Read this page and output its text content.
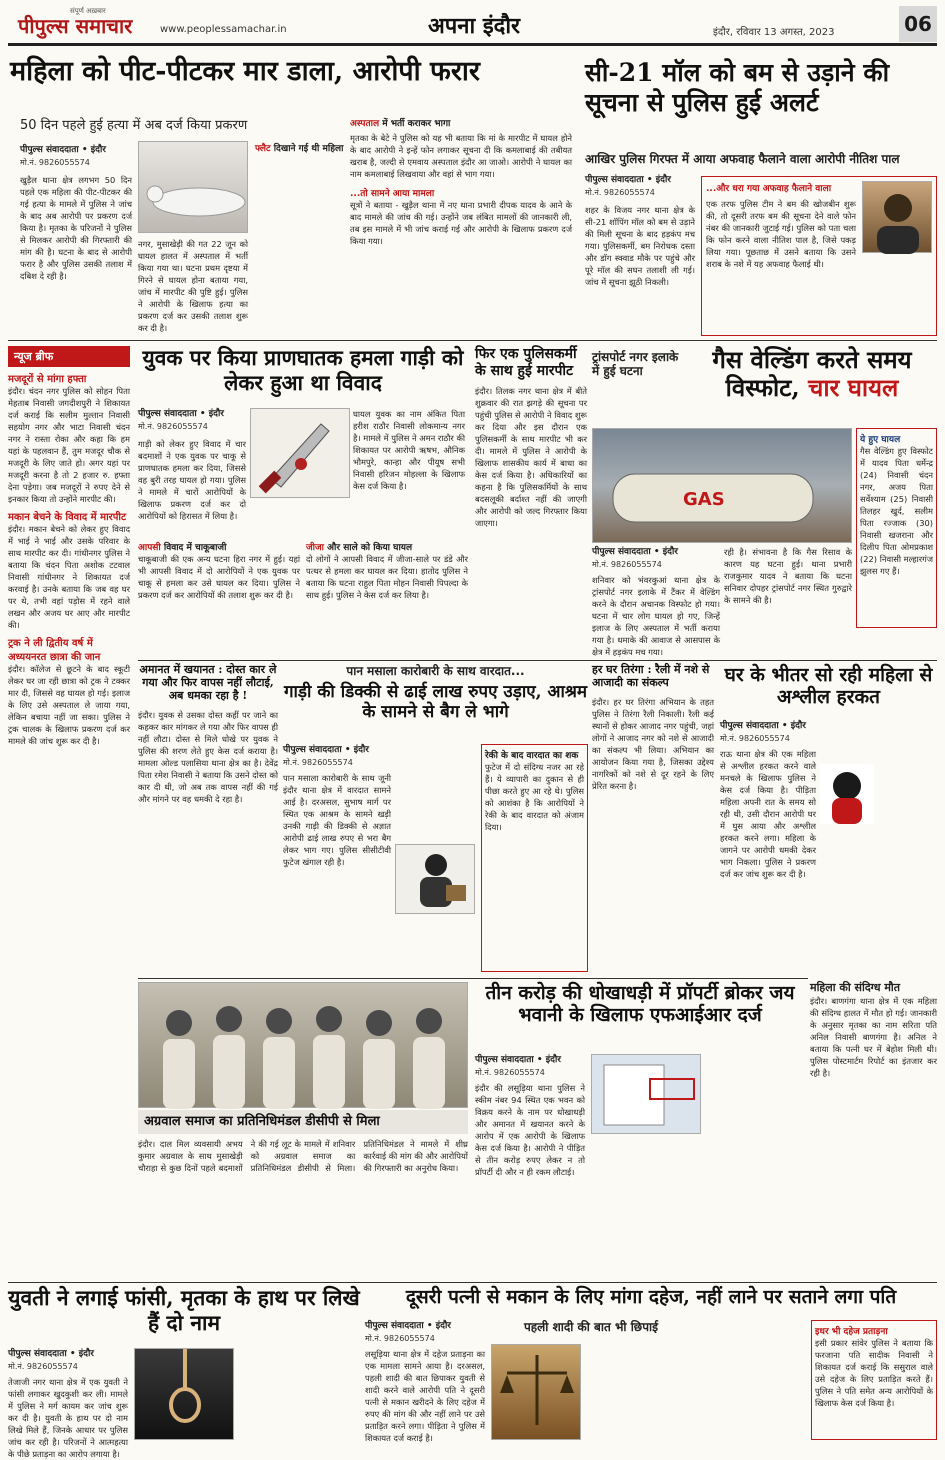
पीपुल्स समाचार
संपूर्ण अख़बार
www.peoplessamachar.in	अपना इंदौर	इंदौर, रविवार 13 अगस्त, 2023	06
महिला को पीट-पीटकर मार डाला, आरोपी फरार
50 दिन पहले हुई हत्या में अब दर्ज किया प्रकरण
पीपुल्स संवाददाता • इंदौर
मो.नं. 9826055574
खुड़ैल थाना क्षेत्र लगभग 50 दिन पहले एक महिला की पीट-पीटकर की गई हत्या के मामले में पुलिस ने जांच के बाद अब आरोपी पर प्रकरण दर्ज किया है। मृतका के परिजनों ने पुलिस से मिलकर आरोपी की गिरफ्तारी की मांग की है। घटना के बाद से आरोपी फरार है और पुलिस उसकी तलाश में दबिश दे रही है।
नगर, मुसाखेड़ी की गत 22 जून को घायल हालत में अस्पताल में भर्ती किया गया था। घटना प्रथम दृष्टया में गिरने से घायल होना बताया गया, जांच में मारपीट की पुष्टि हुई। पुलिस ने आरोपी के खिलाफ हत्या का प्रकरण दर्ज कर उसकी तलाश शुरू कर दी है।
फ्लैट दिखाने गई थी महिला
अस्पताल में भर्ती कराकर भागा
मृतका के बेटे ने पुलिस को यह भी बताया कि मां के मारपीट में घायल होने के बाद आरोपी ने इन्हें फोन लगाकर सूचना दी कि कमलाबाई की तबीयत खराब है, जल्दी से एमवाय अस्पताल इंदौर आ जाओ। आरोपी ने घायल का नाम कमलाबाई लिखवाया और वहां से भाग गया।
...तो सामने आया मामला
सूत्रों ने बताया - खुड़ैल थाना में नए थाना प्रभारी दीपक यादव के आने के बाद मामले की जांच की गई। उन्होंने जब लंबित मामलों की जानकारी ली, तब इस मामले में भी जांच कराई गई और आरोपी के खिलाफ प्रकरण दर्ज किया गया।
सी-21 मॉल को बम से उड़ाने की सूचना से पुलिस हुई अलर्ट
आखिर पुलिस गिरफ्त में आया अफवाह फैलाने वाला आरोपी नीतिश पाल
पीपुल्स संवाददाता • इंदौर
मो.नं. 9826055574
शहर के विजय नगर थाना क्षेत्र के सी-21 शॉपिंग मॉल को बम से उड़ाने की मिली सूचना के बाद हड़कंप मच गया। पुलिसकर्मी, बम निरोधक दस्ता और डॉग स्क्वाड मौके पर पहुंचे और पूरे मॉल की सघन तलाशी ली गई। जांच में सूचना झूठी निकली।
...और धरा गया अफवाह फैलाने वाला
एक तरफ पुलिस टीम ने बम की खोजबीन शुरू की, तो दूसरी तरफ बम की सूचना देने वाले फोन नंबर की जानकारी जुटाई गई। पुलिस को पता चला कि फोन करने वाला नीतिश पाल है, जिसे पकड़ लिया गया। पूछताछ में उसने बताया कि उसने शराब के नशे में यह अफवाह फैलाई थी।
न्यूज ब्रीफ
मजदूरों से मांगा हफ्ता
इंदौर। चंदन नगर पुलिस को सोहन पिता मेहताब निवासी जगदीशपुरी ने शिकायत दर्ज कराई कि सलीम मुल्तान निवासी सहयोग नगर और भाटा निवासी चंदन नगर ने रास्ता रोका और कहा कि हम यहां के पहलवान हैं, तुम मजदूर चौक से मजदूरी के लिए जाते हो। अगर यहां पर मजदूरी करना है तो 2 हजार रु. हफ्ता देना पड़ेगा। जब मजदूरों ने रुपए देने से इनकार किया तो उन्होंने मारपीट की।
मकान बेचने के विवाद में मारपीट
इंदौर। मकान बेचने को लेकर हुए विवाद में भाई ने भाई और उसके परिवार के साथ मारपीट कर दी। गांधीनगर पुलिस ने बताया कि चंदन पिता अशोक टटवाल निवासी गांधीनगर ने शिकायत दर्ज करवाई है। उनके बताया कि जब वह घर पर थे, तभी वहां पड़ोस में रहने वाले लखन और अजय घर आए और मारपीट की।
ट्रक ने ली द्वितीय वर्ष में अध्ययनरत छात्रा की जान
इंदौर। कॉलेज से छूटने के बाद स्कूटी लेकर घर जा रही छात्रा को ट्रक ने टक्कर मार दी, जिससे वह घायल हो गई। इलाज के लिए उसे अस्पताल ले जाया गया, लेकिन बचाया नहीं जा सका। पुलिस ने ट्रक चालक के खिलाफ प्रकरण दर्ज कर मामले की जांच शुरू कर दी है।
युवक पर किया प्राणघातक हमला गाड़ी को लेकर हुआ था विवाद
पीपुल्स संवाददाता • इंदौर
मो.नं. 9826055574
गाड़ी को लेकर हुए विवाद में चार बदमाशों ने एक युवक पर चाकू से प्राणघातक हमला कर दिया, जिससे वह बुरी तरह घायल हो गया। पुलिस ने मामले में चारों आरोपियों के खिलाफ प्रकरण दर्ज कर दो आरोपियों को हिरासत में लिया है।
घायल युवक का नाम अंकित पिता हरीश राठौर निवासी लोकमान्य नगर है। मामले में पुलिस ने अमन राठौर की शिकायत पर आरोपी ऋषभ, औनिक भौमपुरे, कान्हा और पीयूष सभी निवासी हरिजन मोहल्ला के खिलाफ केस दर्ज किया है।
आपसी विवाद में चाकूबाजी
चाकूबाजी की एक अन्य घटना हिरा नगर में हुई। यहां भी आपसी विवाद में दो आरोपियों ने एक युवक पर चाकू से हमला कर उसे घायल कर दिया। पुलिस ने प्रकरण दर्ज कर आरोपियों की तलाश शुरू कर दी है।
जीजा और साले को किया घायल
दो लोगों ने आपसी विवाद में जीजा-साले पर डंडे और पत्थर से हमला कर घायल कर दिया। हातोद पुलिस ने बताया कि घटना राहुल पिता मोहन निवासी पिपल्दा के साथ हुई। पुलिस ने केस दर्ज कर लिया है।
फिर एक पुलिसकर्मी के साथ हुई मारपीट
इंदौर। तिलक नगर थाना क्षेत्र में बीते शुक्रवार की रात झगड़े की सूचना पर पहुंची पुलिस से आरोपी ने विवाद शुरू कर दिया और इस दौरान एक पुलिसकर्मी के साथ मारपीट भी कर दी। मामले में पुलिस ने आरोपी के खिलाफ शासकीय कार्य में बाधा का केस दर्ज किया है। अधिकारियों का कहना है कि पुलिसकर्मियों के साथ बदसलूकी बर्दाश्त नहीं की जाएगी और आरोपी को जल्द गिरफ्तार किया जाएगा।
ट्रांसपोर्ट नगर इलाके में हुई घटना	गैस वेल्डिंग करते समय विस्फोट, चार घायल
GAS
ये हुए घायल
गैस वेल्डिंग हुए विस्फोट में यादव पिता धर्मेन्द्र (24) निवासी चंदन नगर, अजय पिता सर्वेश्याम (25) निवासी तिलहर खुर्द, सलीम पिता रज्जाक (30) निवासी खजराना और दिलीप पिता ओमप्रकाश (22) निवासी मल्हारगंज झुलस गए हैं।
पीपुल्स संवाददाता • इंदौर
मो.नं. 9826055574
शनिवार को भंवरकुआं थाना क्षेत्र के ट्रांसपोर्ट नगर इलाके में टैंकर में वेल्डिंग करने के दौरान अचानक विस्फोट हो गया। घटना में चार लोग घायल हो गए, जिन्हें इलाज के लिए अस्पताल में भर्ती कराया गया है। धमाके की आवाज से आसपास के क्षेत्र में हड़कंप मच गया।
रही है। संभावना है कि गैस रिसाव के कारण यह घटना हुई। थाना प्रभारी राजकुमार यादव ने बताया कि घटना सनिवार दोपहर ट्रांसपोर्ट नगर स्थित गुरुद्वारे के सामने की है।
अमानत में खयानत : दोस्त कार ले गया और फिर वापस नहीं लौटाई, अब धमका रहा है !
इंदौर। युवक से उसका दोस्त कहीं पर जाने का कहकर कार मांगकर ले गया और फिर वापस ही नहीं लौटा। दोस्त से मिले धोखे पर युवक ने पुलिस की शरण लेते हुए केस दर्ज कराया है। मामला ओल्ड पलासिया थाना क्षेत्र का है। देवेंद्र पिता रमेश निवासी ने बताया कि उसने दोस्त को कार दी थी, जो अब तक वापस नहीं की गई और मांगने पर वह धमकी दे रहा है।
पान मसाला कारोबारी के साथ वारदात...
गाड़ी की डिक्की से ढाई लाख रुपए उड़ाए, आश्रम के सामने से बैग ले भागे
पीपुल्स संवाददाता • इंदौर
मो.नं. 9826055574
पान मसाला कारोबारी के साथ जूनी इंदौर थाना क्षेत्र में वारदात सामने आई है। दरअसल, सुभाष मार्ग पर स्थित एक आश्रम के सामने खड़ी उनकी गाड़ी की डिक्की से अज्ञात आरोपी ढाई लाख रुपए से भरा बैग लेकर भाग गए। पुलिस सीसीटीवी फुटेज खंगाल रही है।
रेकी के बाद वारदात का शक
फुटेज में दो संदिग्ध नजर आ रहे हैं। ये व्यापारी का दुकान से ही पीछा करते हुए आ रहे थे। पुलिस को आशंका है कि आरोपियों ने रेकी के बाद वारदात को अंजाम दिया।
हर घर तिरंगा : रैली में नशे से आजादी का संकल्प
इंदौर। हर घर तिरंगा अभियान के तहत पुलिस ने तिरंगा रैली निकाली। रैली कई स्थानों से होकर आजाद नगर पहुंची, जहां लोगों ने आजाद नगर को नशे से आजादी का संकल्प भी लिया। अभियान का आयोजन किया गया है, जिसका उद्देश्य नागरिकों को नशे से दूर रहने के लिए प्रेरित करना है।
घर के भीतर सो रही महिला से अश्लील हरकत
पीपुल्स संवाददाता • इंदौर
मो.नं. 9826055574
राऊ थाना क्षेत्र की एक महिला से अश्लील हरकत करने वाले मनचले के खिलाफ पुलिस ने केस दर्ज किया है। पीड़िता महिला अपनी रात के समय सो रही थी, उसी दौरान आरोपी घर में घुस आया और अश्लील हरकत करने लगा। महिला के जागने पर आरोपी धमकी देकर भाग निकला। पुलिस ने प्रकरण दर्ज कर जांच शुरू कर दी है।
महिला की संदिग्ध मौत
इंदौर। बाणगंगा थाना क्षेत्र में एक महिला की संदिग्ध हालत में मौत हो गई। जानकारी के अनुसार मृतका का नाम सरिता पति अनिल निवासी बाणगंगा है। अनिल ने बताया कि पत्नी घर में बेहोश मिली थी। पुलिस पोस्टमार्टम रिपोर्ट का इंतजार कर रही है।
अग्रवाल समाज का प्रतिनिधिमंडल डीसीपी से मिला
इंदौर। दाल मिल व्यवसायी अभय कुमार अग्रवाल के साथ मुसाखेड़ी चौराहा से कुछ दिनों पहले बदमाशों ने की गई लूट के मामले में शनिवार को अग्रवाल समाज का प्रतिनिधिमंडल डीसीपी से मिला। प्रतिनिधिमंडल ने मामले में शीघ्र कार्रवाई की मांग की और आरोपियों की गिरफ्तारी का अनुरोध किया।
तीन करोड़ की धोखाधड़ी में प्रॉपर्टी ब्रोकर जय भवानी के खिलाफ एफआईआर दर्ज
पीपुल्स संवाददाता • इंदौर
मो.नं. 9826055574
इंदौर की लसूड़िया थाना पुलिस ने स्कीम नंबर 94 स्थित एक भवन को विक्रय करने के नाम पर धोखाधड़ी और अमानत में खयानत करने के आरोप में एक आरोपी के खिलाफ केस दर्ज किया है। आरोपी ने पीड़ित से तीन करोड़ रुपए लेकर न तो प्रॉपर्टी दी और न ही रकम लौटाई।
युवती ने लगाई फांसी, मृतका के हाथ पर लिखे हैं दो नाम
पीपुल्स संवाददाता • इंदौर
मो.नं. 9826055574
तेजाजी नगर थाना क्षेत्र में एक युवती ने फांसी लगाकर खुदकुशी कर ली। मामले में पुलिस ने मर्ग कायम कर जांच शुरू कर दी है। युवती के हाथ पर दो नाम लिखे मिले हैं, जिनके आधार पर पुलिस जांच कर रही है। परिजनों ने आत्महत्या के पीछे प्रताड़ना का आरोप लगाया है।
दूसरी पत्नी से मकान के लिए मांगा दहेज, नहीं लाने पर सताने लगा पति
पीपुल्स संवाददाता • इंदौर
मो.नं. 9826055574
लसूड़िया थाना क्षेत्र में दहेज प्रताड़ना का एक मामला सामने आया है। दरअसल, पहली शादी की बात छिपाकर युवती से शादी करने वाले आरोपी पति ने दूसरी पत्नी से मकान खरीदने के लिए दहेज में रुपए की मांग की और नहीं लाने पर उसे प्रताड़ित करने लगा। पीड़िता ने पुलिस में शिकायत दर्ज कराई है।
पहली शादी की बात भी छिपाई	इधर भी दहेज प्रताड़ना
इसी प्रकार सांवेर पुलिस ने बताया कि फरजाना पति सादीक निवासी ने शिकायत दर्ज कराई कि ससुराल वाले उसे दहेज के लिए प्रताड़ित करते हैं। पुलिस ने पति समेत अन्य आरोपियों के खिलाफ केस दर्ज किया है।
